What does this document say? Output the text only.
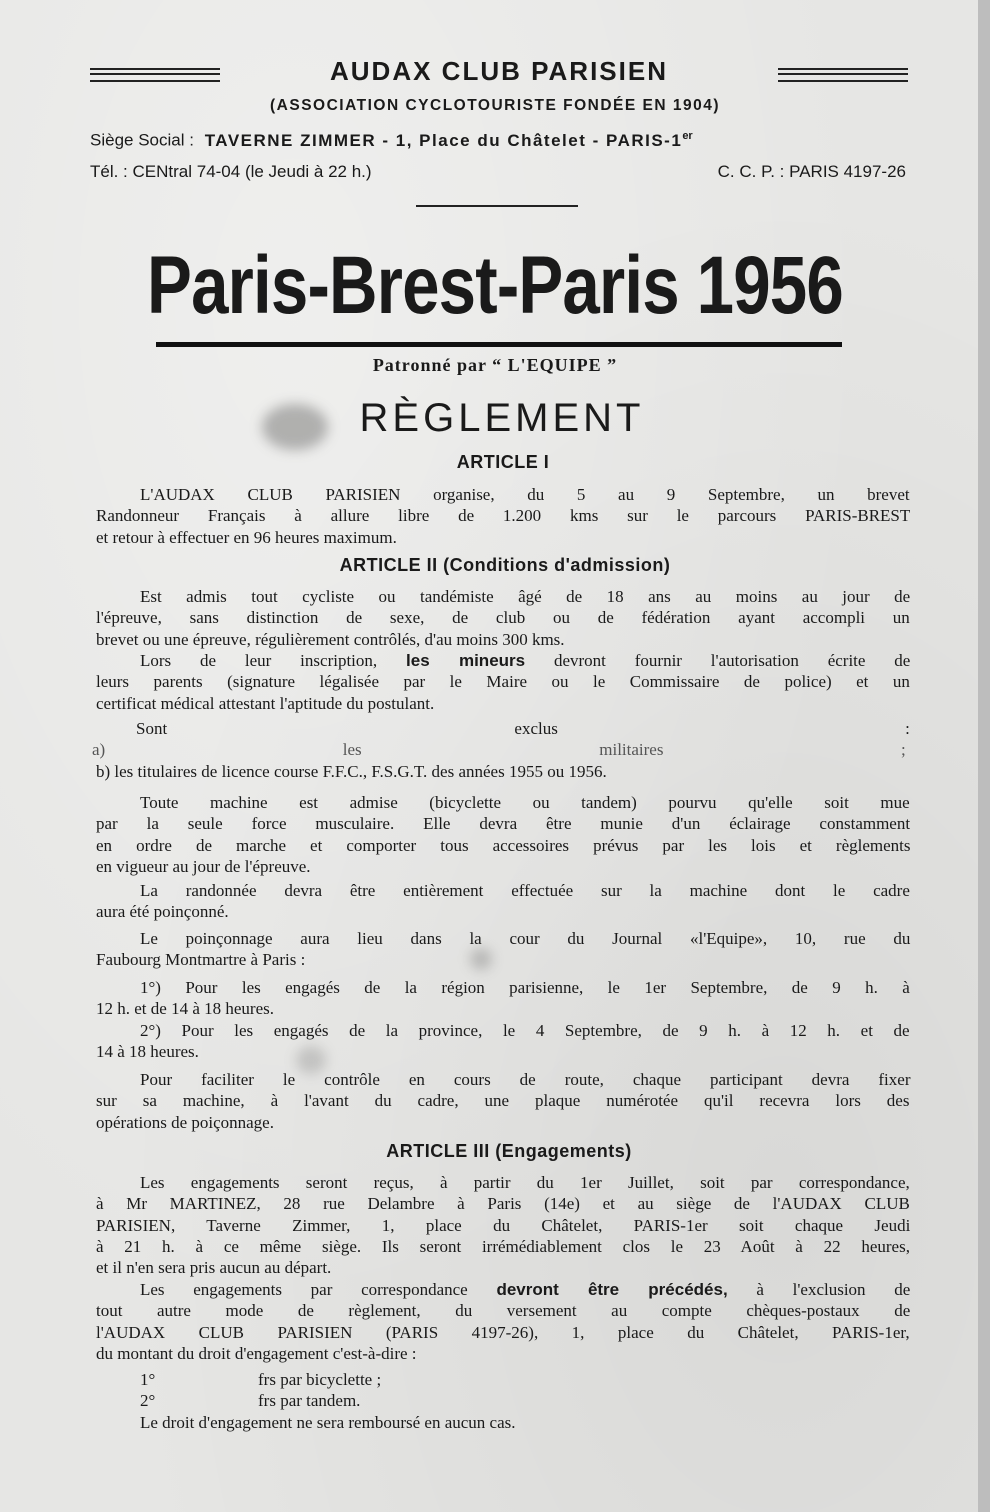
AUDAX CLUB PARISIEN
(ASSOCIATION CYCLOTOURISTE FONDÉE EN 1904)
Siège Social : TAVERNE ZIMMER - 1, Place du Châtelet - PARIS-1er
Tél. : CENtral 74-04 (le Jeudi à 22 h.)	C. C. P. : PARIS 4197-26
Paris-Brest-Paris 1956
Patronné par “ L'EQUIPE ”
RÈGLEMENT
ARTICLE I

L'AUDAX CLUB PARISIEN organise, du 5 au 9 Septembre, un brevet
Randonneur Français à allure libre de 1.200 kms sur le parcours PARIS-BREST
et retour à effectuer en 96 heures maximum.

ARTICLE II (Conditions d'admission)

Est admis tout cycliste ou tandémiste âgé de 18 ans au moins au jour de
l'épreuve, sans distinction de sexe, de club ou de fédération ayant accompli un
brevet ou une épreuve, régulièrement contrôlés, d'au moins 300 kms.

Lors de leur inscription, les mineurs devront fournir l'autorisation écrite de
leurs parents (signature légalisée par le Maire ou le Commissaire de police) et un
certificat médical attestant l'aptitude du postulant.

Sont exclus :
a) les militaires ;
b) les titulaires de licence course F.F.C., F.S.G.T. des années 1955 ou 1956.

Toute machine est admise (bicyclette ou tandem) pourvu qu'elle soit mue
par la seule force musculaire. Elle devra être munie d'un éclairage constamment
en ordre de marche et comporter tous accessoires prévus par les lois et règlements
en vigueur au jour de l'épreuve.

La randonnée devra être entièrement effectuée sur la machine dont le cadre
aura été poinçonné.

Le poinçonnage aura lieu dans la cour du Journal «l'Equipe», 10, rue du
Faubourg Montmartre à Paris :

1°) Pour les engagés de la région parisienne, le 1er Septembre, de 9 h. à
12 h. et de 14 à 18 heures.

2°) Pour les engagés de la province, le 4 Septembre, de 9 h. à 12 h. et de
14 à 18 heures.

Pour faciliter le contrôle en cours de route, chaque participant devra fixer
sur sa machine, à l'avant du cadre, une plaque numérotée qu'il recevra lors des
opérations de poiçonnage.

ARTICLE III (Engagements)

Les engagements seront reçus, à partir du 1er Juillet, soit par correspondance,
à Mr MARTINEZ, 28 rue Delambre à Paris (14e) et au siège de l'AUDAX CLUB
PARISIEN, Taverne Zimmer, 1, place du Châtelet, PARIS-1er soit chaque Jeudi
à 21 h. à ce même siège. Ils seront irrémédiablement clos le 23 Août à 22 heures,
et il n'en sera pris aucun au départ.

Les engagements par correspondance devront être précédés, à l'exclusion de
tout autre mode de règlement, du versement au compte chèques-postaux de
l'AUDAX CLUB PARISIEN (PARIS 4197-26), 1, place du Châtelet, PARIS-1er,
du montant du droit d'engagement c'est-à-dire :

1°	frs par bicyclette ;
2°	frs par tandem.
Le droit d'engagement ne sera remboursé en aucun cas.
